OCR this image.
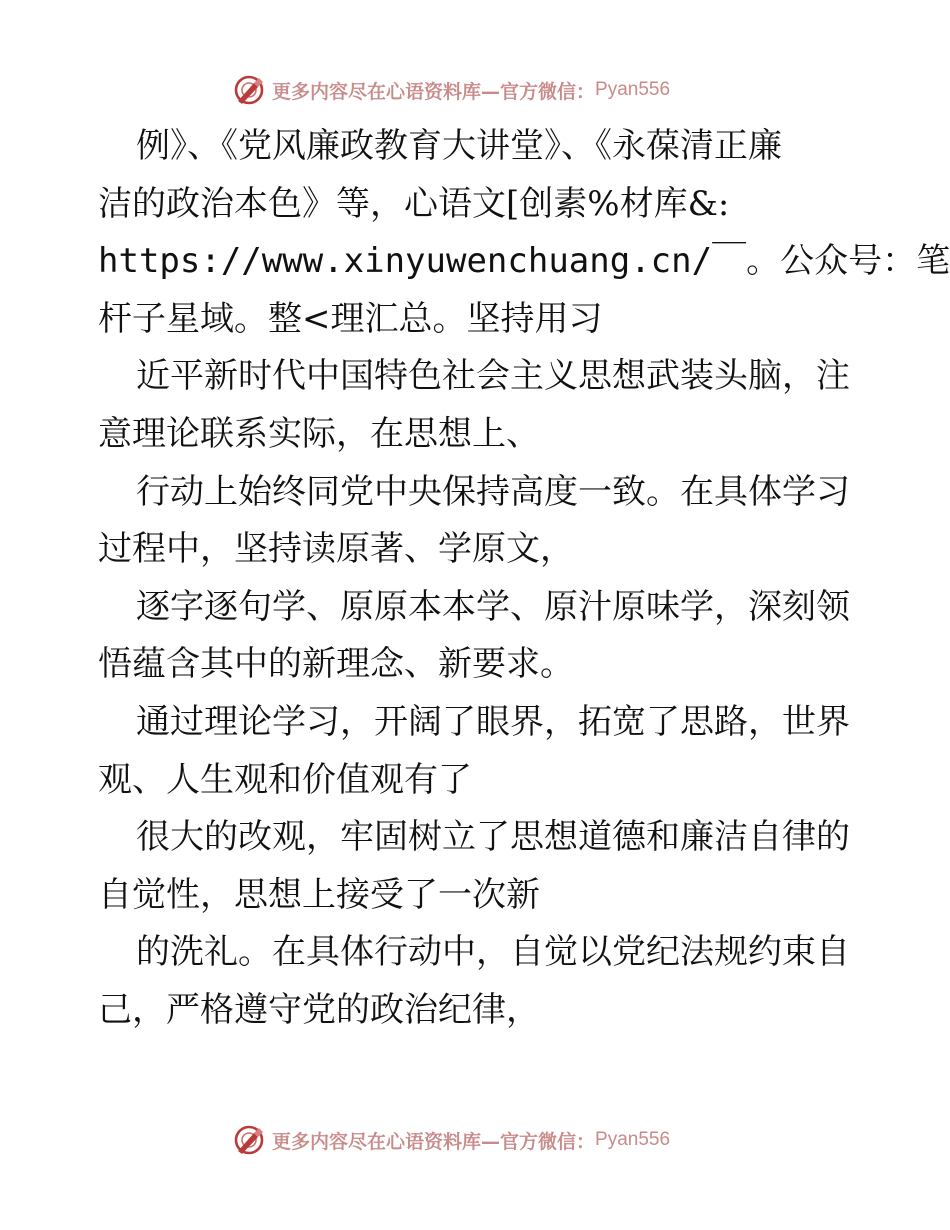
更多内容尽在心语资料库—官方微信： Pyan556
例》、《党风廉政教育大讲堂》、《永葆清正廉
洁的政治本色》等，心语文[创素%材库&:
https://www.xinyuwenchuang.cn/￣。公众号：笔
杆子星域。整<理汇总。坚持用习
近平新时代中国特色社会主义思想武装头脑，注
意理论联系实际，在思想上、
行动上始终同党中央保持高度一致。在具体学习
过程中，坚持读原著、学原文，
逐字逐句学、原原本本学、原汁原味学，深刻领
悟蕴含其中的新理念、新要求。
通过理论学习，开阔了眼界，拓宽了思路，世界
观、人生观和价值观有了
很大的改观，牢固树立了思想道德和廉洁自律的
自觉性，思想上接受了一次新
的洗礼。在具体行动中，自觉以党纪法规约束自
己，严格遵守党的政治纪律，
更多内容尽在心语资料库—官方微信： Pyan556
